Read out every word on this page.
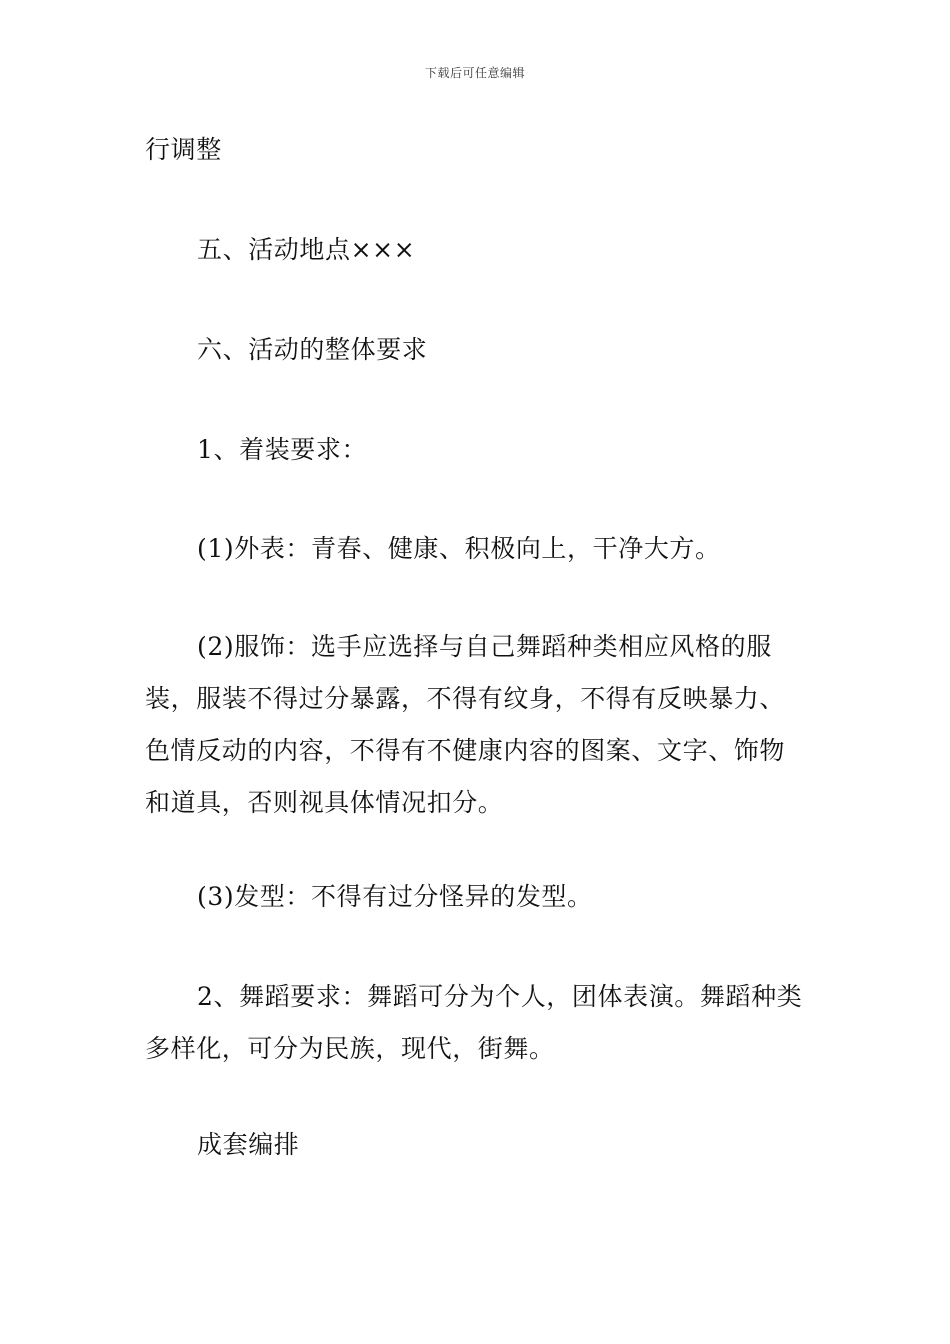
下载后可任意编辑

行调整

五、活动地点×××

六、活动的整体要求

1、着装要求：

(1)外表：青春、健康、积极向上，干净大方。

(2)服饰：选手应选择与自己舞蹈种类相应风格的服装，服装不得过分暴露，不得有纹身，不得有反映暴力、色情反动的内容，不得有不健康内容的图案、文字、饰物和道具，否则视具体情况扣分。

(3)发型：不得有过分怪异的发型。

2、舞蹈要求：舞蹈可分为个人，团体表演。舞蹈种类多样化，可分为民族，现代，街舞。

成套编排
